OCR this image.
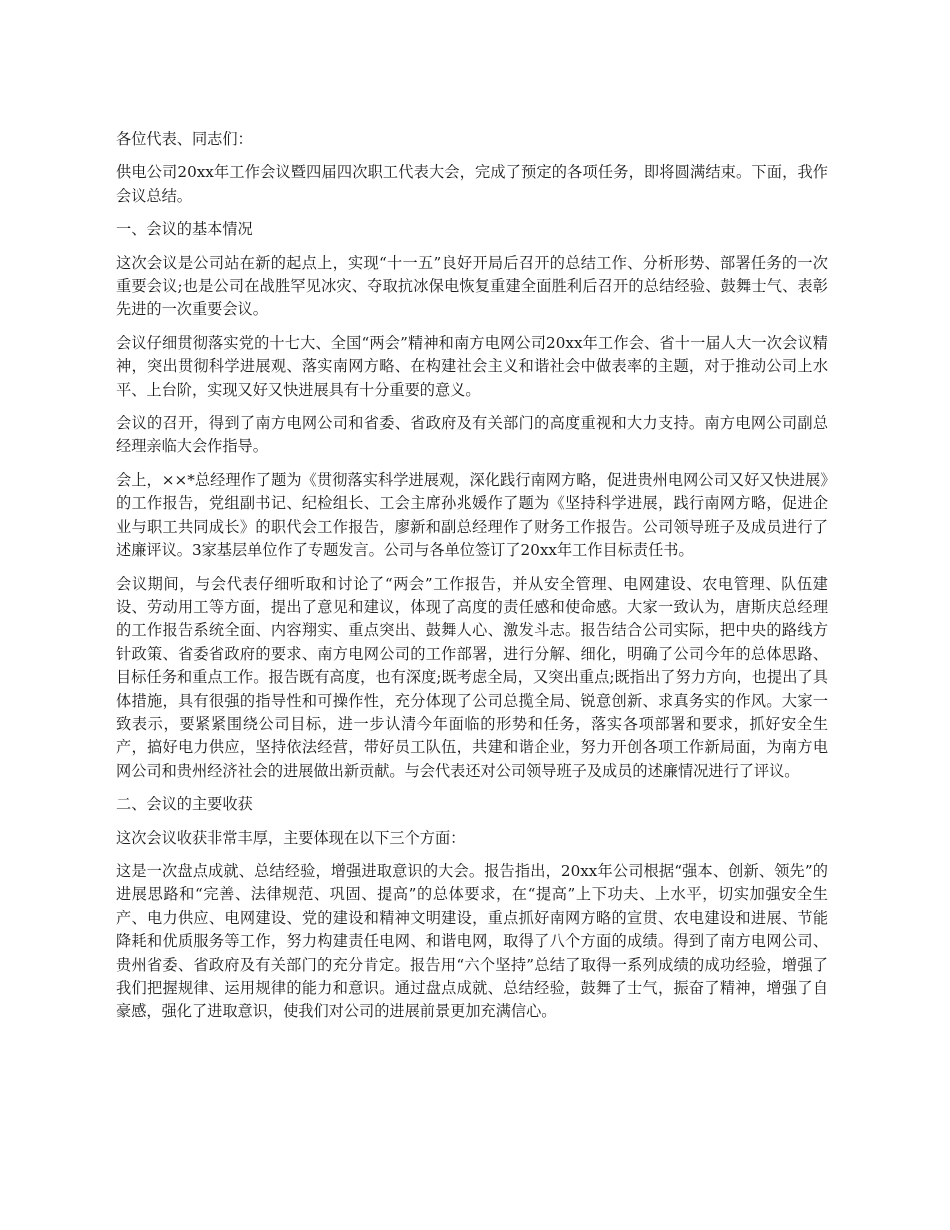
各位代表、同志们：

供电公司20xx年工作会议暨四届四次职工代表大会，完成了预定的各项任务，即将圆满结束。下面，我作会议总结。

一、会议的基本情况

这次会议是公司站在新的起点上，实现“十一五”良好开局后召开的总结工作、分析形势、部署任务的一次重要会议;也是公司在战胜罕见冰灾、夺取抗冰保电恢复重建全面胜利后召开的总结经验、鼓舞士气、表彰先进的一次重要会议。

会议仔细贯彻落实党的十七大、全国“两会”精神和南方电网公司20xx年工作会、省十一届人大一次会议精神，突出贯彻科学进展观、落实南网方略、在构建社会主义和谐社会中做表率的主题，对于推动公司上水平、上台阶，实现又好又快进展具有十分重要的意义。

会议的召开，得到了南方电网公司和省委、省政府及有关部门的高度重视和大力支持。南方电网公司副总经理亲临大会作指导。

会上，××*总经理作了题为《贯彻落实科学进展观，深化践行南网方略，促进贵州电网公司又好又快进展》的工作报告，党组副书记、纪检组长、工会主席孙兆媛作了题为《坚持科学进展，践行南网方略，促进企业与职工共同成长》的职代会工作报告，廖新和副总经理作了财务工作报告。公司领导班子及成员进行了述廉评议。3家基层单位作了专题发言。公司与各单位签订了20xx年工作目标责任书。

会议期间，与会代表仔细听取和讨论了“两会”工作报告，并从安全管理、电网建设、农电管理、队伍建设、劳动用工等方面，提出了意见和建议，体现了高度的责任感和使命感。大家一致认为，唐斯庆总经理的工作报告系统全面、内容翔实、重点突出、鼓舞人心、激发斗志。报告结合公司实际，把中央的路线方针政策、省委省政府的要求、南方电网公司的工作部署，进行分解、细化，明确了公司今年的总体思路、目标任务和重点工作。报告既有高度，也有深度;既考虑全局，又突出重点;既指出了努力方向，也提出了具体措施，具有很强的指导性和可操作性，充分体现了公司总揽全局、锐意创新、求真务实的作风。大家一致表示，要紧紧围绕公司目标，进一步认清今年面临的形势和任务，落实各项部署和要求，抓好安全生产，搞好电力供应，坚持依法经营，带好员工队伍，共建和谐企业，努力开创各项工作新局面，为南方电网公司和贵州经济社会的进展做出新贡献。与会代表还对公司领导班子及成员的述廉情况进行了评议。

二、会议的主要收获

这次会议收获非常丰厚，主要体现在以下三个方面：

这是一次盘点成就、总结经验，增强进取意识的大会。报告指出，20xx年公司根据“强本、创新、领先”的进展思路和“完善、法律规范、巩固、提高”的总体要求，在“提高”上下功夫、上水平，切实加强安全生产、电力供应、电网建设、党的建设和精神文明建设，重点抓好南网方略的宣贯、农电建设和进展、节能降耗和优质服务等工作，努力构建责任电网、和谐电网，取得了八个方面的成绩。得到了南方电网公司、贵州省委、省政府及有关部门的充分肯定。报告用“六个坚持”总结了取得一系列成绩的成功经验，增强了我们把握规律、运用规律的能力和意识。通过盘点成就、总结经验，鼓舞了士气，振奋了精神，增强了自豪感，强化了进取意识，使我们对公司的进展前景更加充满信心。
